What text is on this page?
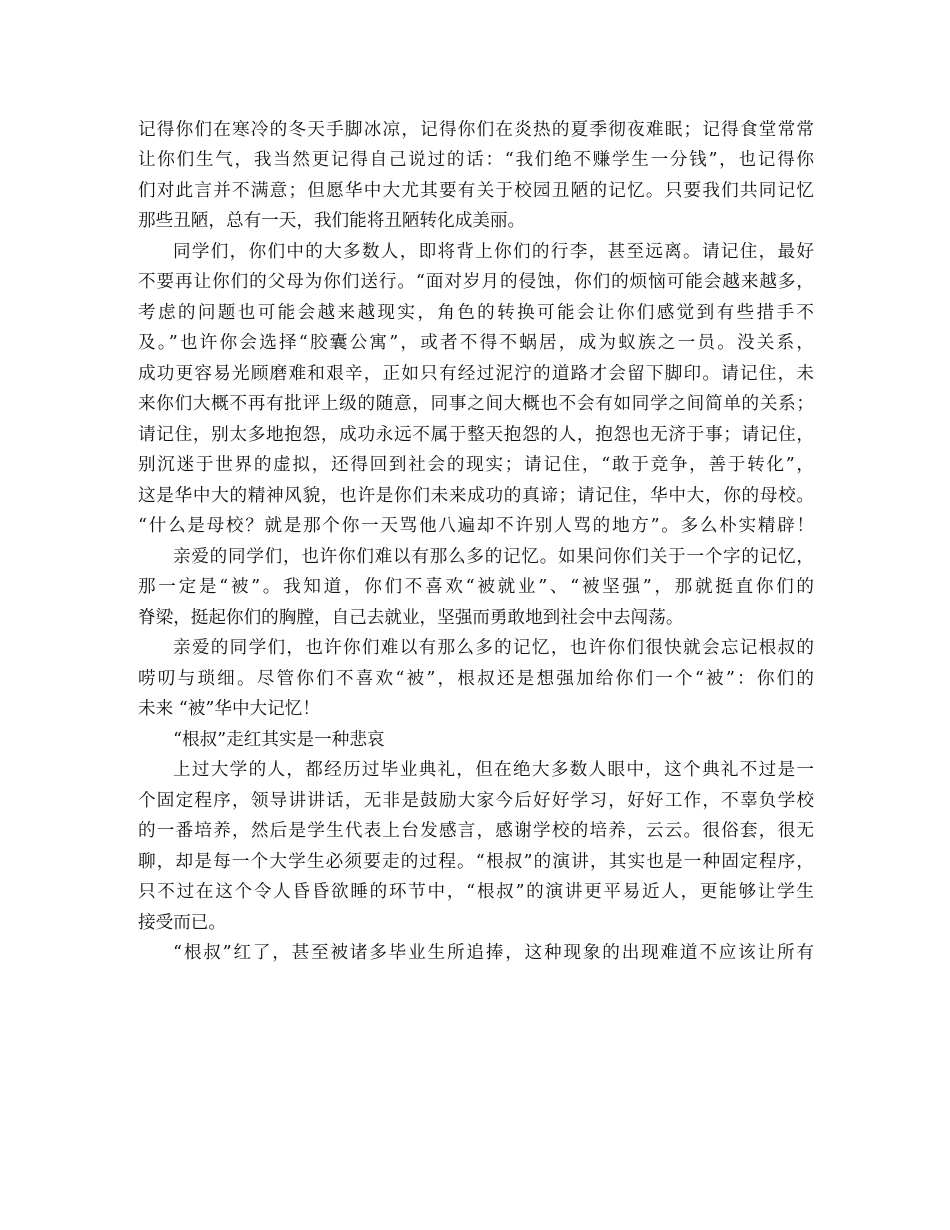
记得你们在寒冷的冬天手脚冰凉，记得你们在炎热的夏季彻夜难眠；记得食堂常常
让你们生气，我当然更记得自己说过的话：“我们绝不赚学生一分钱”，也记得你
们对此言并不满意；但愿华中大尤其要有关于校园丑陋的记忆。只要我们共同记忆
那些丑陋，总有一天，我们能将丑陋转化成美丽。
同学们，你们中的大多数人，即将背上你们的行李，甚至远离。请记住，最好
不要再让你们的父母为你们送行。“面对岁月的侵蚀，你们的烦恼可能会越来越多，
考虑的问题也可能会越来越现实，角色的转换可能会让你们感觉到有些措手不
及。”也许你会选择“胶囊公寓”，或者不得不蜗居，成为蚁族之一员。没关系，
成功更容易光顾磨难和艰辛，正如只有经过泥泞的道路才会留下脚印。请记住，未
来你们大概不再有批评上级的随意，同事之间大概也不会有如同学之间简单的关系；
请记住，别太多地抱怨，成功永远不属于整天抱怨的人，抱怨也无济于事；请记住，
别沉迷于世界的虚拟，还得回到社会的现实；请记住，“敢于竞争，善于转化”，
这是华中大的精神风貌，也许是你们未来成功的真谛；请记住，华中大，你的母校。
“什么是母校？就是那个你一天骂他八遍却不许别人骂的地方”。多么朴实精辟！
亲爱的同学们，也许你们难以有那么多的记忆。如果问你们关于一个字的记忆，
那一定是“被”。我知道，你们不喜欢“被就业”、“被坚强”，那就挺直你们的
脊梁，挺起你们的胸膛，自己去就业，坚强而勇敢地到社会中去闯荡。
亲爱的同学们，也许你们难以有那么多的记忆，也许你们很快就会忘记根叔的
唠叨与琐细。尽管你们不喜欢“被”，根叔还是想强加给你们一个“被”：你们的
未来 “被”华中大记忆！
“根叔”走红其实是一种悲哀
上过大学的人，都经历过毕业典礼，但在绝大多数人眼中，这个典礼不过是一
个固定程序，领导讲讲话，无非是鼓励大家今后好好学习，好好工作，不辜负学校
的一番培养，然后是学生代表上台发感言，感谢学校的培养，云云。很俗套，很无
聊，却是每一个大学生必须要走的过程。“根叔”的演讲，其实也是一种固定程序，
只不过在这个令人昏昏欲睡的环节中，“根叔”的演讲更平易近人，更能够让学生
接受而已。
“根叔”红了，甚至被诸多毕业生所追捧，这种现象的出现难道不应该让所有
